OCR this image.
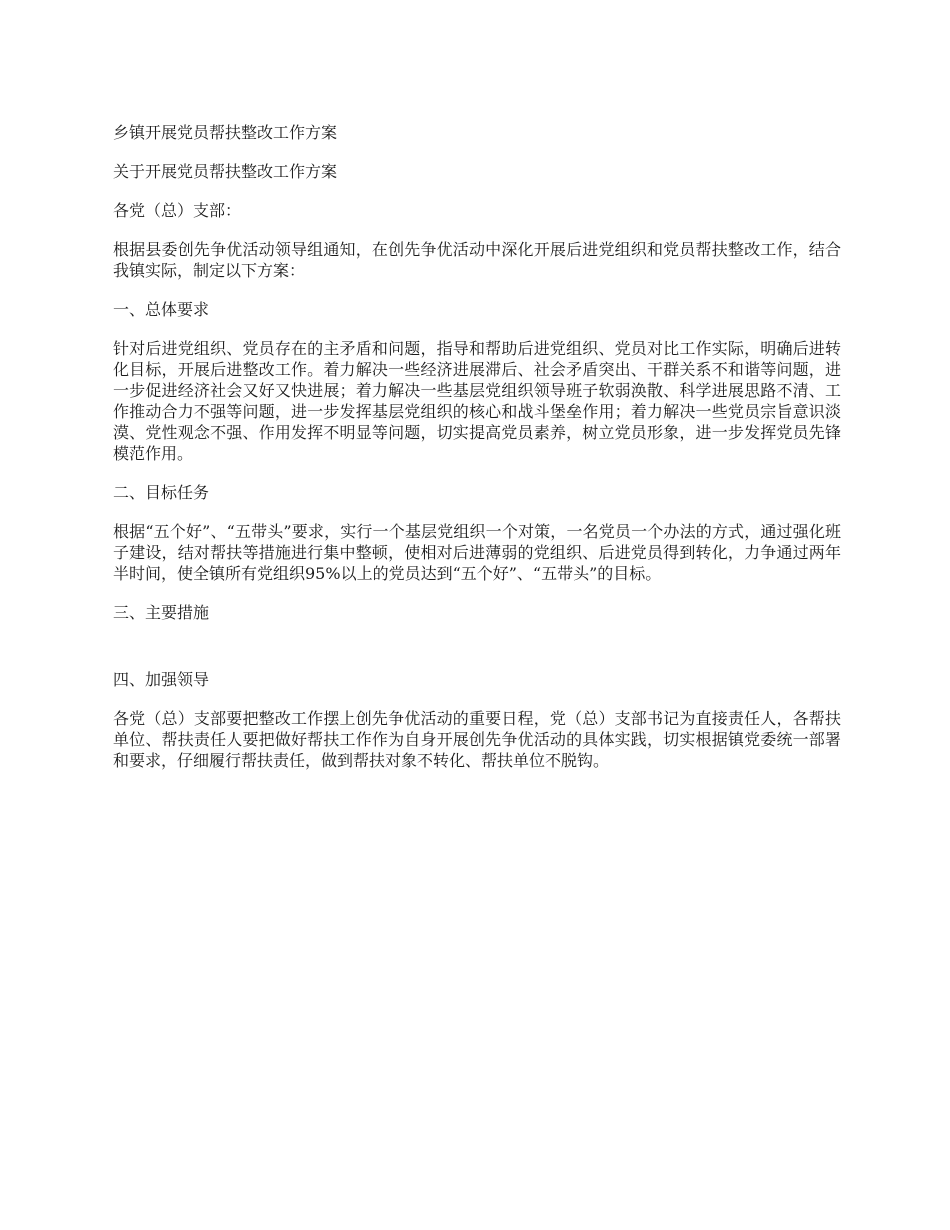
乡镇开展党员帮扶整改工作方案

关于开展党员帮扶整改工作方案

各党（总）支部：

根据县委创先争优活动领导组通知，在创先争优活动中深化开展后进党组织和党员帮扶整改工作，结合我镇实际，制定以下方案：

一、总体要求

针对后进党组织、党员存在的主矛盾和问题，指导和帮助后进党组织、党员对比工作实际，明确后进转化目标，开展后进整改工作。着力解决一些经济进展滞后、社会矛盾突出、干群关系不和谐等问题，进一步促进经济社会又好又快进展；着力解决一些基层党组织领导班子软弱涣散、科学进展思路不清、工作推动合力不强等问题，进一步发挥基层党组织的核心和战斗堡垒作用；着力解决一些党员宗旨意识淡漠、党性观念不强、作用发挥不明显等问题，切实提高党员素养，树立党员形象，进一步发挥党员先锋模范作用。

二、目标任务

根据“五个好”、“五带头”要求，实行一个基层党组织一个对策，一名党员一个办法的方式，通过强化班子建设，结对帮扶等措施进行集中整顿，使相对后进薄弱的党组织、后进党员得到转化，力争通过两年半时间，使全镇所有党组织95%以上的党员达到“五个好”、“五带头”的目标。

三、主要措施

四、加强领导

各党（总）支部要把整改工作摆上创先争优活动的重要日程，党（总）支部书记为直接责任人，各帮扶单位、帮扶责任人要把做好帮扶工作作为自身开展创先争优活动的具体实践，切实根据镇党委统一部署和要求，仔细履行帮扶责任，做到帮扶对象不转化、帮扶单位不脱钩。
